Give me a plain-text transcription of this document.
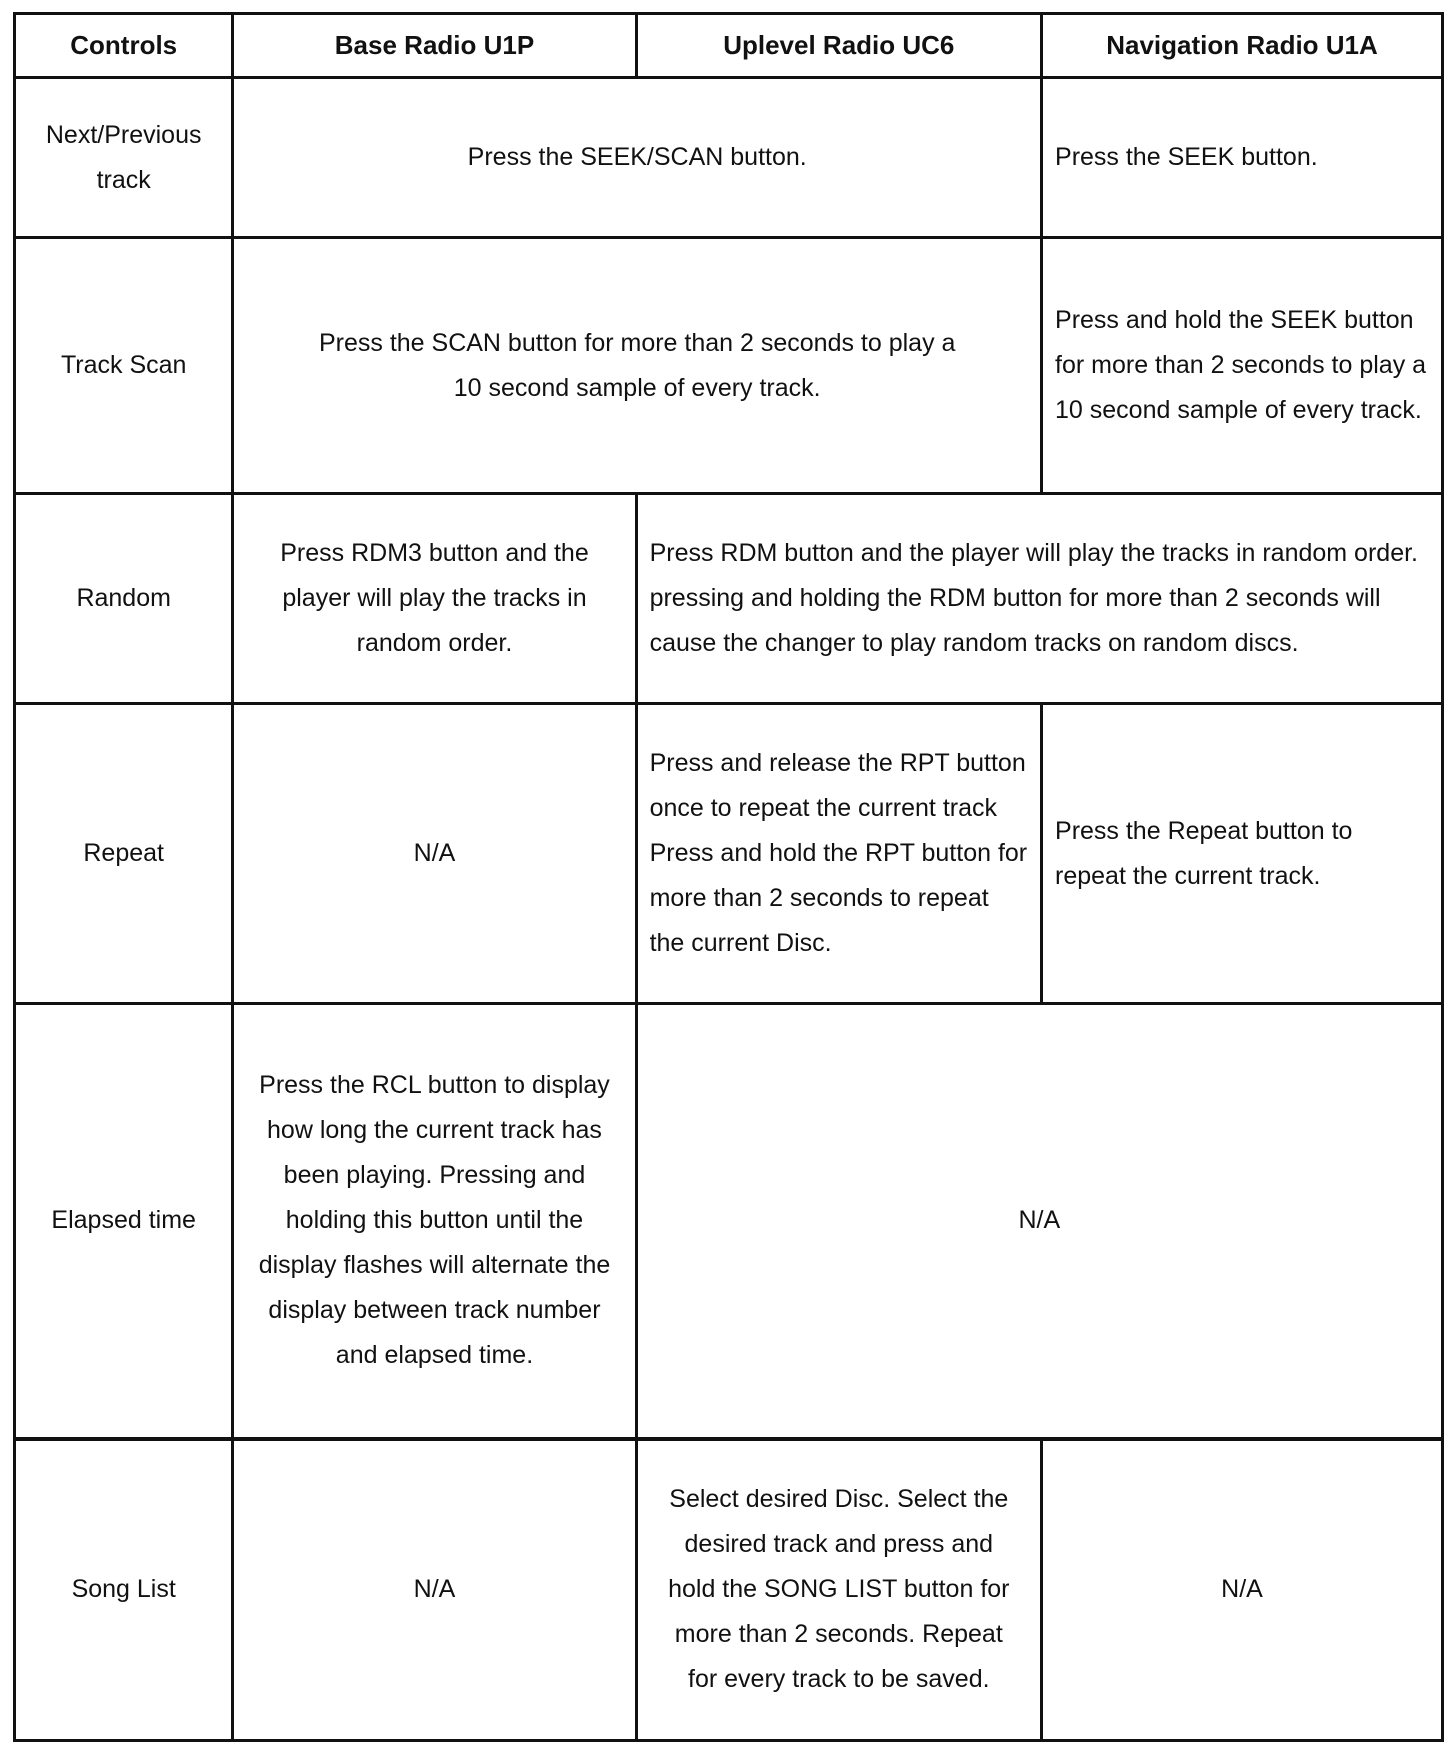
Controls	Base Radio U1P	Uplevel Radio UC6	Navigation Radio U1A
Next/Previous track	Press the SEEK/SCAN button.		Press the SEEK button.
Track Scan	Press the SCAN button for more than 2 seconds to play a 10 second sample of every track.		Press and hold the SEEK button for more than 2 seconds to play a 10 second sample of every track.
Random	Press RDM3 button and the player will play the tracks in random order.	Press RDM button and the player will play the tracks in random order. pressing and holding the RDM button for more than 2 seconds will cause the changer to play random tracks on random discs.	
Repeat	N/A	Press and release the RPT button once to repeat the current track Press and hold the RPT button for more than 2 seconds to repeat the current Disc.	Press the Repeat button to repeat the current track.
Elapsed time	Press the RCL button to display how long the current track has been playing. Pressing and holding this button until the display flashes will alternate the display between track number and elapsed time.	N/A	
Song List	N/A	Select desired Disc. Select the desired track and press and hold the SONG LIST button for more than 2 seconds. Repeat for every track to be saved.	N/A
